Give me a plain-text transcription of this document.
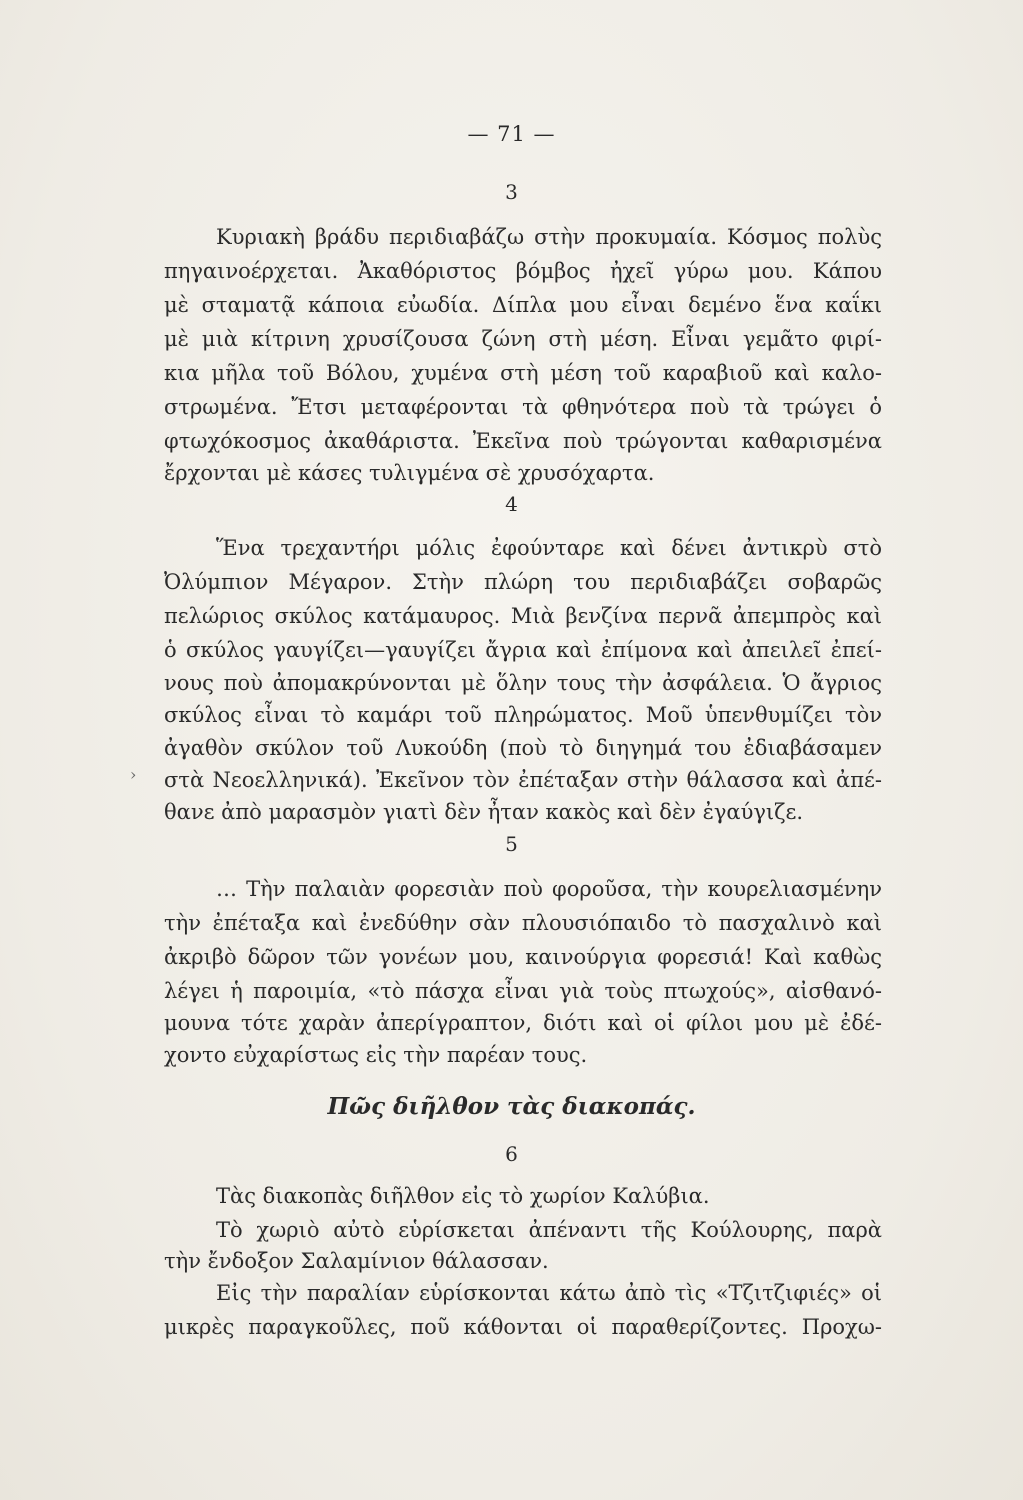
— 71 —
3
Κυριακὴ βράδυ περιδιαβάζω στὴν προκυμαία. Κόσμος πολὺς
πηγαινοέρχεται. Ἀκαθόριστος βόμβος ἠχεῖ γύρω μου. Κάπου
μὲ σταματᾷ κάποια εὐωδία. Δίπλα μου εἶναι δεμένο ἕνα καΐκι
μὲ μιὰ κίτρινη χρυσίζουσα ζώνη στὴ μέση. Εἶναι γεμᾶτο φιρί-
κια μῆλα τοῦ Βόλου, χυμένα στὴ μέση τοῦ καραβιοῦ καὶ καλο-
στρωμένα. Ἔτσι μεταφέρονται τὰ φθηνότερα ποὺ τὰ τρώγει ὁ
φτωχόκοσμος ἀκαθάριστα. Ἐκεῖνα ποὺ τρώγονται καθαρισμένα
ἔρχονται μὲ κάσες τυλιγμένα σὲ χρυσόχαρτα.
4
Ἕνα τρεχαντήρι μόλις ἐφούνταρε καὶ δένει ἀντικρὺ στὸ
Ὀλύμπιον Μέγαρον. Στὴν πλώρη του περιδιαβάζει σοβαρῶς
πελώριος σκύλος κατάμαυρος. Μιὰ βενζίνα περνᾶ ἀπεμπρὸς καὶ
ὁ σκύλος γαυγίζει—γαυγίζει ἄγρια καὶ ἐπίμονα καὶ ἀπειλεῖ ἐπεί-
νους ποὺ ἀπομακρύνονται μὲ ὅλην τους τὴν ἀσφάλεια. Ὁ ἄγριος
σκύλος εἶναι τὸ καμάρι τοῦ πληρώματος. Μοῦ ὑπενθυμίζει τὸν
ἀγαθὸν σκύλον τοῦ Λυκούδη (ποὺ τὸ διηγημά του ἐδιαβάσαμεν
στὰ Νεοελληνικά). Ἐκεῖνον τὸν ἐπέταξαν στὴν θάλασσα καὶ ἀπέ-
θανε ἀπὸ μαρασμὸν γιατὶ δὲν ἦταν κακὸς καὶ δὲν ἐγαύγιζε.
›
5
… Τὴν παλαιὰν φορεσιὰν ποὺ φοροῦσα, τὴν κουρελιασμένην
τὴν ἐπέταξα καὶ ἐνεδύθην σὰν πλουσιόπαιδο τὸ πασχαλινὸ καὶ
ἀκριβὸ δῶρον τῶν γονέων μου, καινούργια φορεσιά! Καὶ καθὼς
λέγει ἡ παροιμία, «τὸ πάσχα εἶναι γιὰ τοὺς πτωχούς», αἰσθανό-
μουνα τότε χαρὰν ἀπερίγραπτον, διότι καὶ οἱ φίλοι μου μὲ ἐδέ-
χοντο εὐχαρίστως εἰς τὴν παρέαν τους.
Πῶς διῆλθον τὰς διακοπάς.
6
Τὰς διακοπὰς διῆλθον εἰς τὸ χωρίον Καλύβια.
Τὸ χωριὸ αὐτὸ εὑρίσκεται ἀπέναντι τῆς Κούλουρης, παρὰ
τὴν ἔνδοξον Σαλαμίνιον θάλασσαν.
Εἰς τὴν παραλίαν εὑρίσκονται κάτω ἀπὸ τὶς «Τζιτζιφιές» οἱ
μικρὲς παραγκοῦλες, ποῦ κάθονται οἱ παραθερίζοντες. Προχω-
